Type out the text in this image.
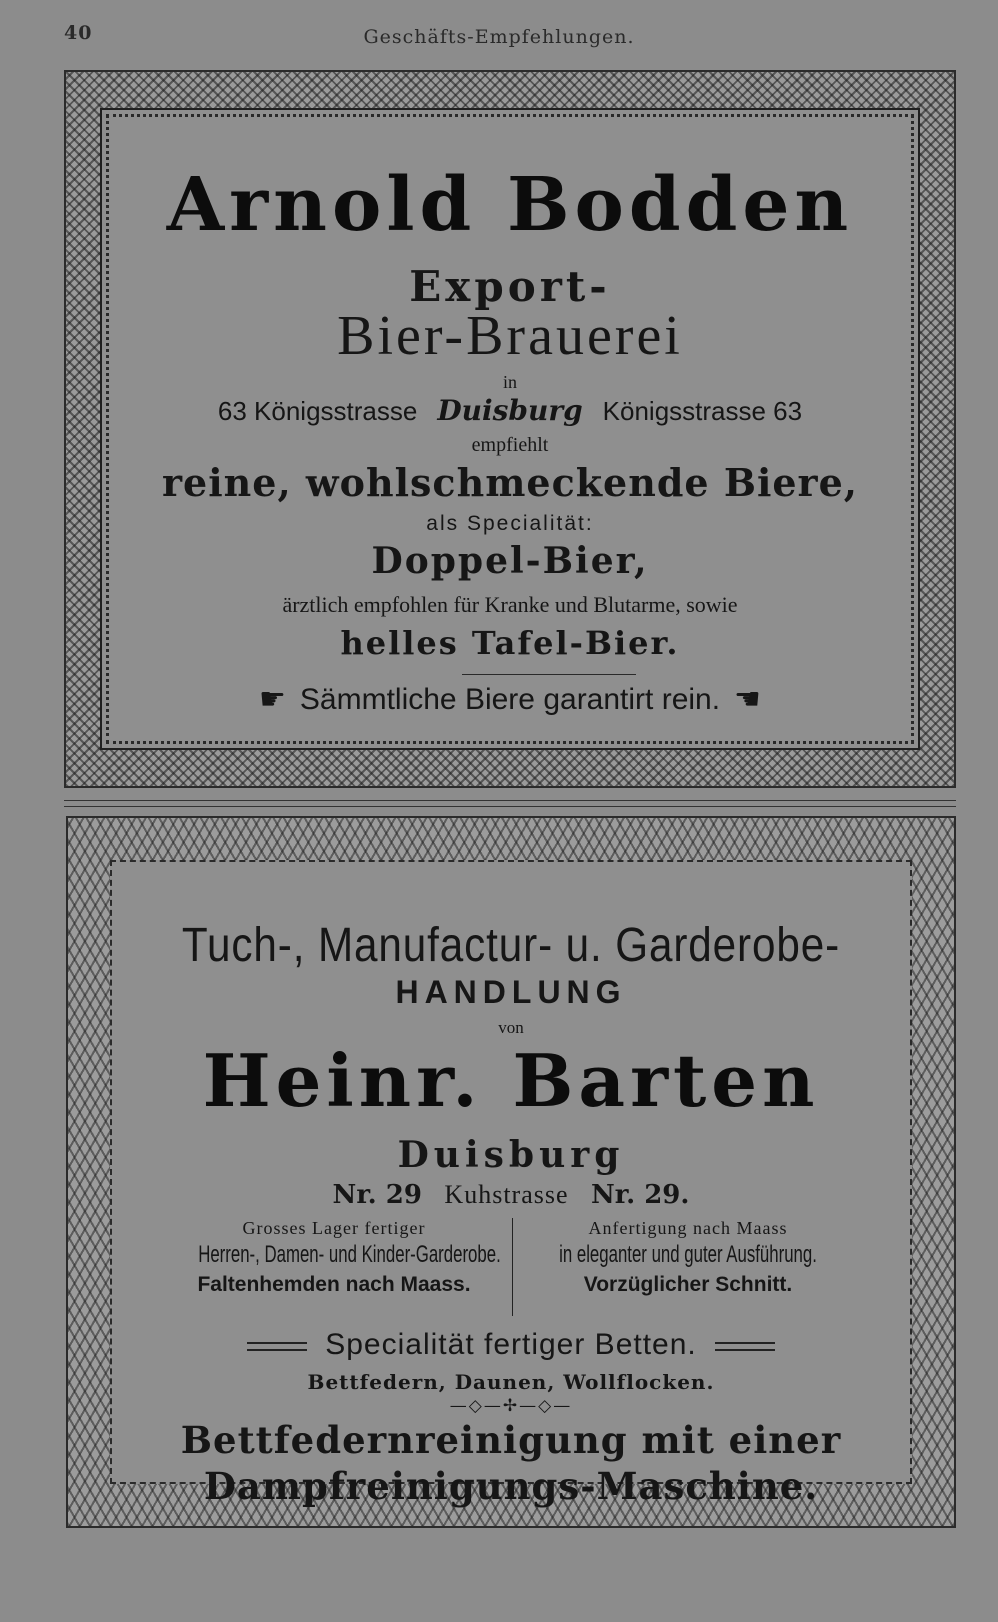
40	Geschäfts-Empfehlungen.
Arnold Bodden
Export-
Bier-Brauerei
in
63 Königsstrasse Duisburg Königsstrasse 63
empfiehlt
reine, wohlschmeckende Biere,
als Specialität:
Doppel-Bier,
ärztlich empfohlen für Kranke und Blutarme, sowie
helles Tafel-Bier.
☛ Sämmtliche Biere garantirt rein. ☛
Tuch-, Manufactur- u. Garderobe-
HANDLUNG
von
Heinr. Barten
Duisburg
Nr. 29 Kuhstrasse Nr. 29.
Grosses Lager fertiger
Herren-, Damen- und Kinder-Garderobe.
Faltenhemden nach Maass.
Anfertigung nach Maass
in eleganter und guter Ausführung.
Vorzüglicher Schnitt.
Specialität fertiger Betten.
Bettfedern, Daunen, Wollflocken.
—◇—✢—◇—
Bettfedernreinigung mit einer
Dampfreinigungs-Maschine.
